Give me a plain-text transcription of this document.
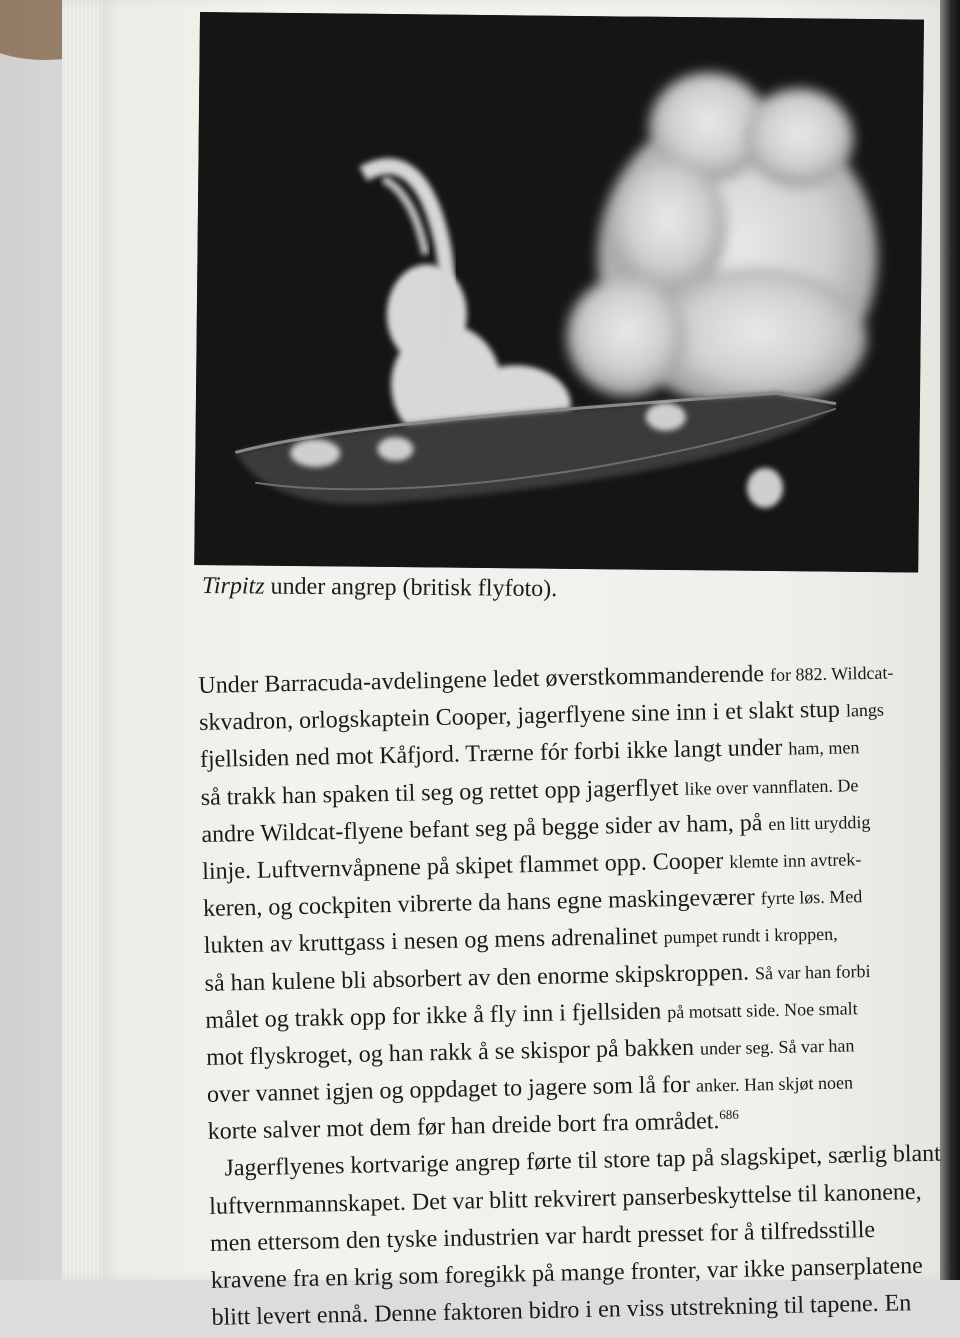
Tirpitz under angrep (britisk flyfoto).
Under Barracuda-avdelingene ledet øverstkommanderende for 882. Wildcat-
skvadron, orlogskaptein Cooper, jagerflyene sine inn i et slakt stup langs
fjellsiden ned mot Kåfjord. Trærne fór forbi ikke langt under ham, men
så trakk han spaken til seg og rettet opp jagerflyet like over vannflaten. De
andre Wildcat-flyene befant seg på begge sider av ham, på en litt uryddig
linje. Luftvernvåpnene på skipet flammet opp. Cooper klemte inn avtrek-
keren, og cockpiten vibrerte da hans egne maskingeværer fyrte løs. Med
lukten av kruttgass i nesen og mens adrenalinet pumpet rundt i kroppen,
så han kulene bli absorbert av den enorme skipskroppen. Så var han forbi
målet og trakk opp for ikke å fly inn i fjellsiden på motsatt side. Noe smalt
mot flyskroget, og han rakk å se skispor på bakken under seg. Så var han
over vannet igjen og oppdaget to jagere som lå for anker. Han skjøt noen
korte salver mot dem før han dreide bort fra området.$^{686}$
Jagerflyenes kortvarige angrep førte til store tap på slagskipet, særlig blant
luftvernmannskapet. Det var blitt rekvirert panserbeskyttelse til kanonene,
men ettersom den tyske industrien var hardt presset for å tilfredsstille
kravene fra en krig som foregikk på mange fronter, var ikke panserplatene
blitt levert ennå. Denne faktoren bidro i en viss utstrekning til tapene. En
